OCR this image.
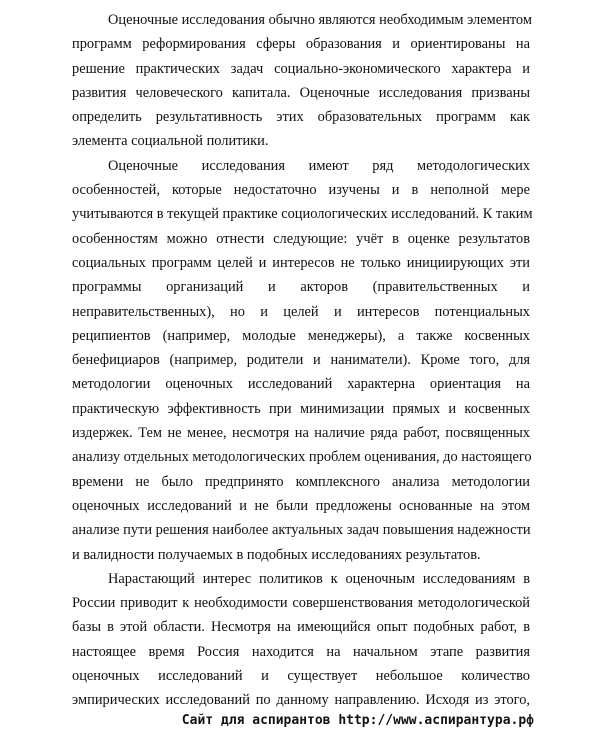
Оценочные исследования обычно являются необходимым элементом
программ реформирования сферы образования и ориентированы на
решение практических задач социально-экономического характера и
развития человеческого капитала. Оценочные исследования призваны
определить результативность этих образовательных программ как
элемента социальной политики.
Оценочные исследования имеют ряд методологических
особенностей, которые недостаточно изучены и в неполной мере
учитываются в текущей практике социологических исследований. К таким
особенностям можно отнести следующие: учёт в оценке результатов
социальных программ целей и интересов не только инициирующих эти
программы организаций и акторов (правительственных и
неправительственных), но и целей и интересов потенциальных
реципиентов (например, молодые менеджеры), а также косвенных
бенефициаров (например, родители и наниматели). Кроме того, для
методологии оценочных исследований характерна ориентация на
практическую эффективность при минимизации прямых и косвенных
издержек. Тем не менее, несмотря на наличие ряда работ, посвященных
анализу отдельных методологических проблем оценивания, до настоящего
времени не было предпринято комплексного анализа методологии
оценочных исследований и не были предложены основанные на этом
анализе пути решения наиболее актуальных задач повышения надежности
и валидности получаемых в подобных исследованиях результатов.
Нарастающий интерес политиков к оценочным исследованиям в
России приводит к необходимости совершенствования методологической
базы в этой области. Несмотря на имеющийся опыт подобных работ, в
настоящее время Россия находится на начальном этапе развития
оценочных исследований и существует небольшое количество
эмпирических исследований по данному направлению. Исходя из этого,
Сайт для аспирантов http://www.аспирантура.рф
